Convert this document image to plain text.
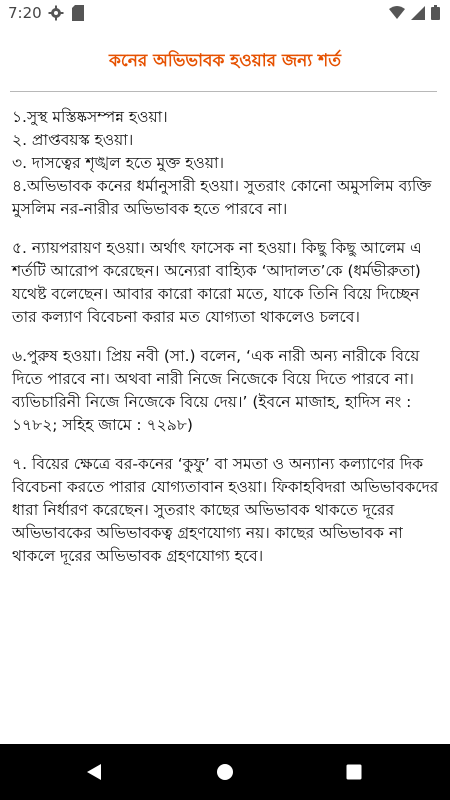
7:20
কনের অভিভাবক হওয়ার জন্য শর্ত

১.সুস্থ মস্তিষ্কসম্পন্ন হওয়া।

২. প্রাপ্তবয়স্ক হওয়া।

৩. দাসত্বের শৃঙ্খল হতে মুক্ত হওয়া।

৪.অভিভাবক কনের ধর্মানুসারী হওয়া। সুতরাং কোনো অমুসলিম ব্যক্তি মুসলিম নর-নারীর অভিভাবক হতে পারবে না।

৫. ন্যায়পরায়ণ হওয়া। অর্থাৎ ফাসেক না হওয়া। কিছু কিছু আলেম এ শর্তটি আরোপ করেছেন। অন্যেরা বাহ্যিক ‘আদালত’কে (ধর্মভীরুতা) যথেষ্ট বলেছেন। আবার কারো কারো মতে, যাকে তিনি বিয়ে দিচ্ছেন তার কল্যাণ বিবেচনা করার মত যোগ্যতা থাকলেও চলবে।

৬.পুরুষ হওয়া। প্রিয় নবী (সা.) বলেন, ‘এক নারী অন্য নারীকে বিয়ে দিতে পারবে না। অথবা নারী নিজে নিজেকে বিয়ে দিতে পারবে না। ব্যভিচারিনী নিজে নিজেকে বিয়ে দেয়।’ (ইবনে মাজাহ, হাদিস নং : ১৭৮২; সহিহ জামে : ৭২৯৮)

৭. বিয়ের ক্ষেত্রে বর-কনের ‘কুফু’ বা সমতা ও অন্যান্য কল্যাণের দিক বিবেচনা করতে পারার যোগ্যতাবান হওয়া। ফিকাহবিদরা অভিভাবকদের ধারা নির্ধারণ করেছেন। সুতরাং কাছের অভিভাবক থাকতে দূরের অভিভাবকের অভিভাবকত্ব গ্রহণযোগ্য নয়। কাছের অভিভাবক না থাকলে দূরের অভিভাবক গ্রহণযোগ্য হবে।
